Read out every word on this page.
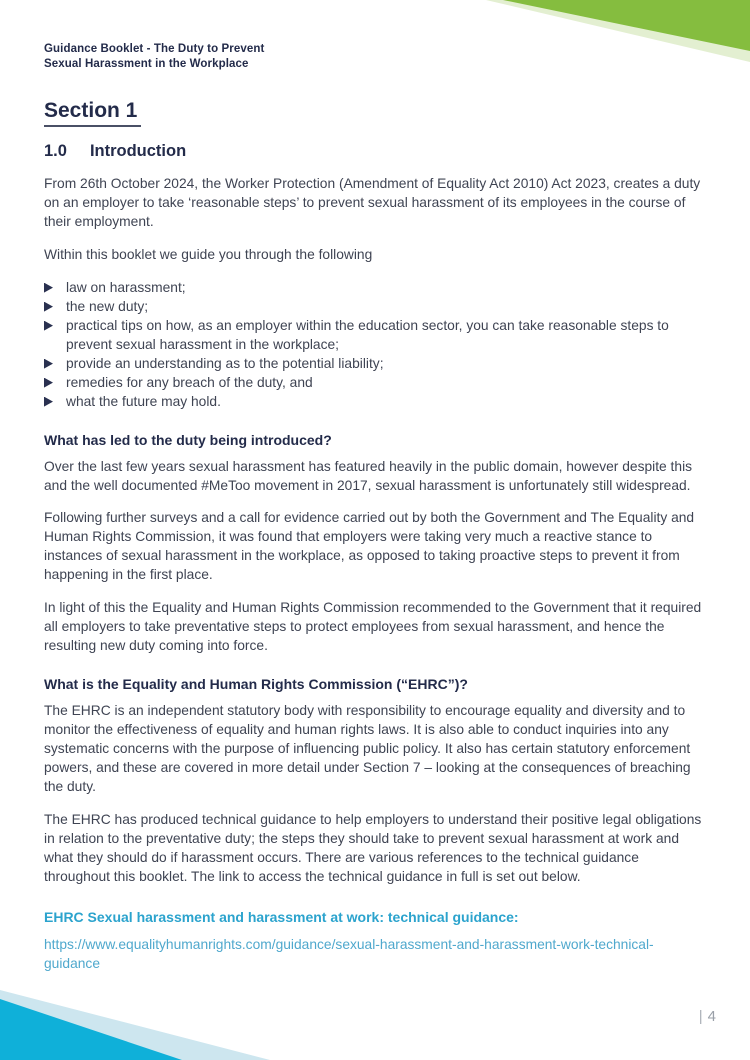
Guidance Booklet - The Duty to Prevent
Sexual Harassment in the Workplace
Section 1
1.0 Introduction

From 26th October 2024, the Worker Protection (Amendment of Equality Act 2010) Act 2023, creates a duty on an employer to take ‘reasonable steps’ to prevent sexual harassment of its employees in the course of their employment.

Within this booklet we guide you through the following

law on harassment;
the new duty;
practical tips on how, as an employer within the education sector, you can take reasonable steps to prevent sexual harassment in the workplace;
provide an understanding as to the potential liability;
remedies for any breach of the duty, and
what the future may hold.
What has led to the duty being introduced?

Over the last few years sexual harassment has featured heavily in the public domain, however despite this and the well documented #MeToo movement in 2017, sexual harassment is unfortunately still widespread.

Following further surveys and a call for evidence carried out by both the Government and The Equality and Human Rights Commission, it was found that employers were taking very much a reactive stance to instances of sexual harassment in the workplace, as opposed to taking proactive steps to prevent it from happening in the first place.

In light of this the Equality and Human Rights Commission recommended to the Government that it required all employers to take preventative steps to protect employees from sexual harassment, and hence the resulting new duty coming into force.

What is the Equality and Human Rights Commission (“EHRC”)?

The EHRC is an independent statutory body with responsibility to encourage equality and diversity and to monitor the effectiveness of equality and human rights laws. It is also able to conduct inquiries into any systematic concerns with the purpose of influencing public policy. It also has certain statutory enforcement powers, and these are covered in more detail under Section 7 – looking at the consequences of breaching the duty.

The EHRC has produced technical guidance to help employers to understand their positive legal obligations in relation to the preventative duty; the steps they should take to prevent sexual harassment at work and what they should do if harassment occurs. There are various references to the technical guidance throughout this booklet. The link to access the technical guidance in full is set out below.

EHRC Sexual harassment and harassment at work: technical guidance:
https://www.equalityhumanrights.com/guidance/sexual-harassment-and-harassment-work-technical-guidance
| 4
